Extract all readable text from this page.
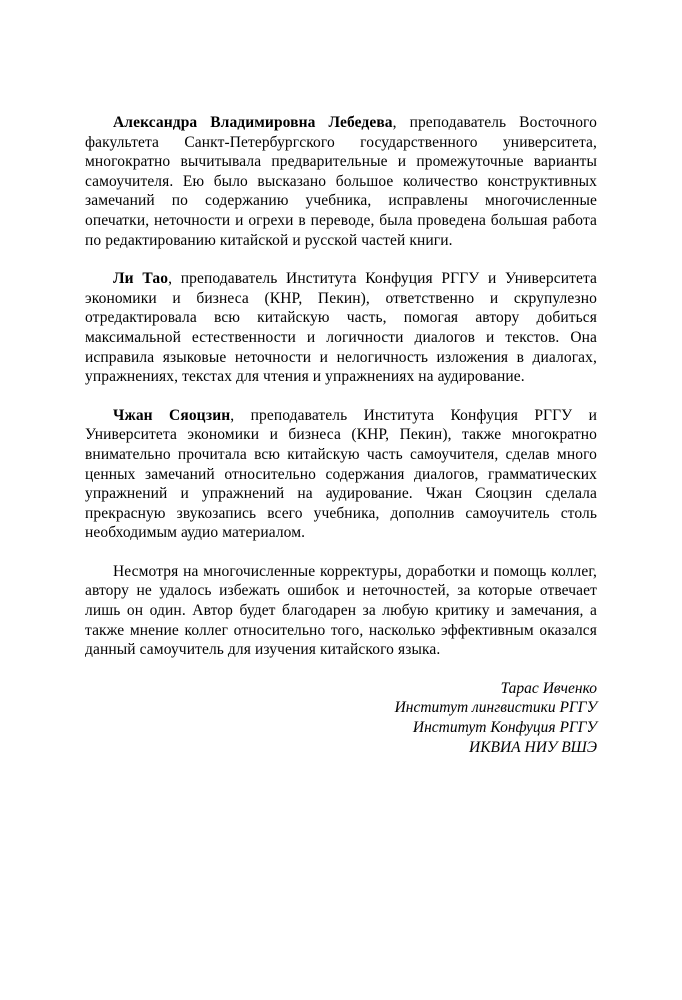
Александра Владимировна Лебедева, преподаватель Восточного факультета Санкт-Петербургского государственного университета, многократно вычитывала предварительные и промежуточные варианты самоучителя. Ею было высказано большое количество конструктивных замечаний по содержанию учебника, исправлены многочисленные опечатки, неточности и огрехи в переводе, была проведена большая работа по редактированию китайской и русской частей книги.

Ли Тао, преподаватель Института Конфуция РГГУ и Университета экономики и бизнеса (КНР, Пекин), ответственно и скрупулезно отредактировала всю китайскую часть, помогая автору добиться максимальной естественности и логичности диалогов и текстов. Она исправила языковые неточности и нелогичность изложения в диалогах, упражнениях, текстах для чтения и упражнениях на аудирование.

Чжан Сяоцзин, преподаватель Института Конфуция РГГУ и Университета экономики и бизнеса (КНР, Пекин), также многократно внимательно прочитала всю китайскую часть самоучителя, сделав много ценных замечаний относительно содержания диалогов, грамматических упражнений и упражнений на аудирование. Чжан Сяоцзин сделала прекрасную звукозапись всего учебника, дополнив самоучитель столь необходимым аудио материалом.

Несмотря на многочисленные корректуры, доработки и помощь коллег, автору не удалось избежать ошибок и неточностей, за которые отвечает лишь он один. Автор будет благодарен за любую критику и замечания, а также мнение коллег относительно того, насколько эффективным оказался данный самоучитель для изучения китайского языка.

Тарас Ивченко

Институт лингвистики РГГУ

Институт Конфуция РГГУ

ИКВИА НИУ ВШЭ
